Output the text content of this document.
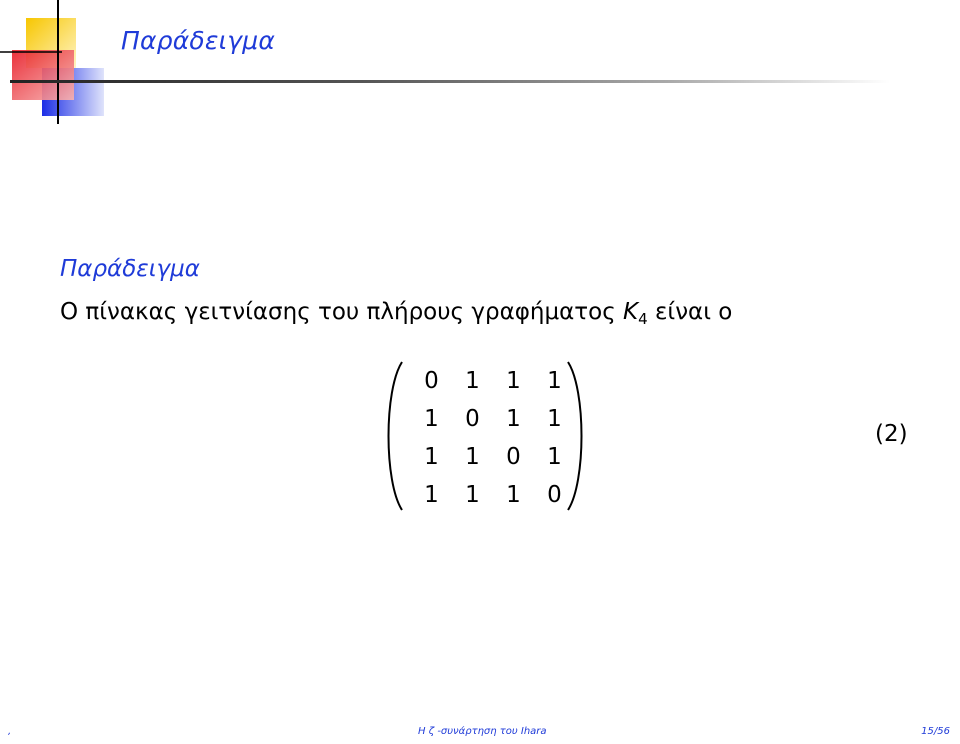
Παράδειγμα
Παράδειγμα
Ο πίνακας γειτνίασης του πλήρους γραφήματος $K_4$ είναι ο
0	1	1	1
1	0	1	1
1	1	0	1
1	1	1	0
(2)
,	Η ζ -συνάρτηση του Ihara	15/56
